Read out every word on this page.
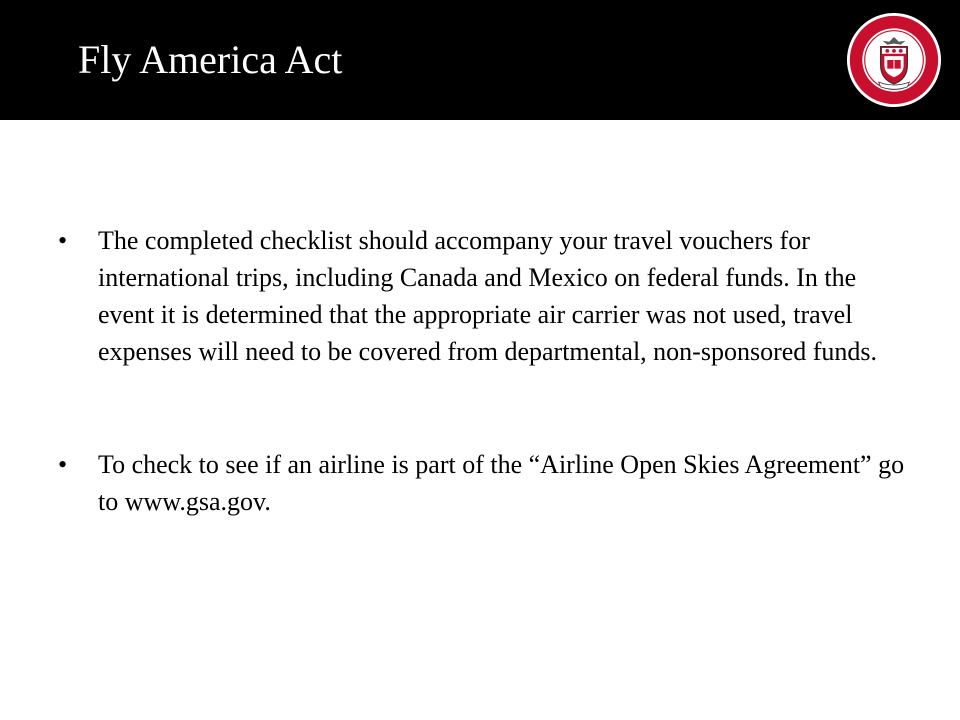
Fly America Act
• The completed checklist should accompany your travel vouchers for international trips, including Canada and Mexico on federal funds. In the event it is determined that the appropriate air carrier was not used, travel expenses will need to be covered from departmental, non-sponsored funds.
• To check to see if an airline is part of the “Airline Open Skies Agreement” go to www.gsa.gov.
